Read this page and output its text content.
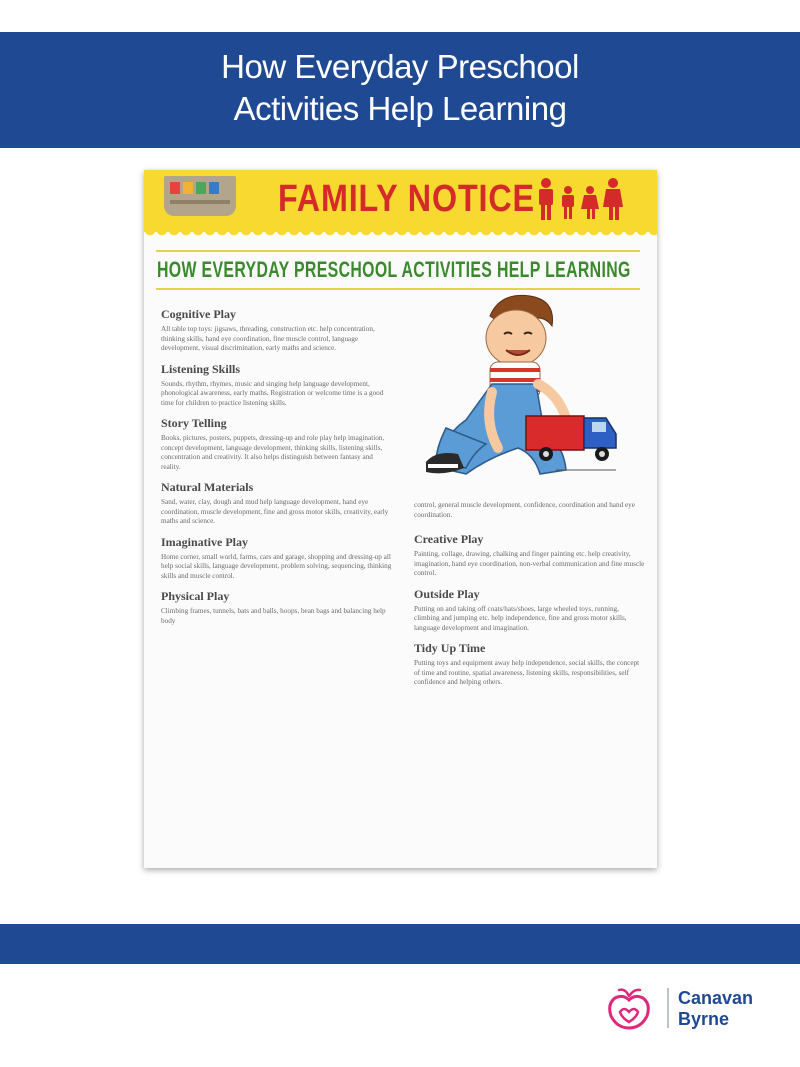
How Everyday Preschool
Activities Help Learning
FAMILY NOTICE
HOW EVERYDAY PRESCHOOL ACTIVITIES HELP LEARNING
Cognitive Play

All table top toys: jigsaws, threading, construction etc. help concentration, thinking skills, hand eye coordination, fine muscle control, language development, visual discrimination, early maths and science.

Listening Skills

Sounds, rhythm, rhymes, music and singing help language development, phonological awareness, early maths. Registration or welcome time is a good time for children to practice listening skills.

Story Telling

Books, pictures, posters, puppets, dressing-up and role play help imagination, concept development, language development, thinking skills, listening skills, concentration and creativity. It also helps distinguish between fantasy and reality.

Natural Materials

Sand, water, clay, dough and mud help language development, hand eye coordination, muscle development, fine and gross motor skills, creativity, early maths and science.

Imaginative Play

Home corner, small world, farms, cars and garage, shopping and dressing-up all help social skills, language development, problem solving, sequencing, thinking skills and muscle control.

Physical Play

Climbing frames, tunnels, bats and balls, hoops, bean bags and balancing help body

control, general muscle development, confidence, coordination and hand eye coordination.

Creative Play

Painting, collage, drawing, chalking and finger painting etc. help creativity, imagination, hand eye coordination, non-verbal communication and fine muscle control.

Outside Play

Putting on and taking off coats/hats/shoes, large wheeled toys, running, climbing and jumping etc. help independence, fine and gross motor skills, language development and imagination.

Tidy Up Time

Putting toys and equipment away help independence, social skills, the concept of time and routine, spatial awareness, listening skills, responsibilities, self confidence and helping others.

Canavan
Byrne
